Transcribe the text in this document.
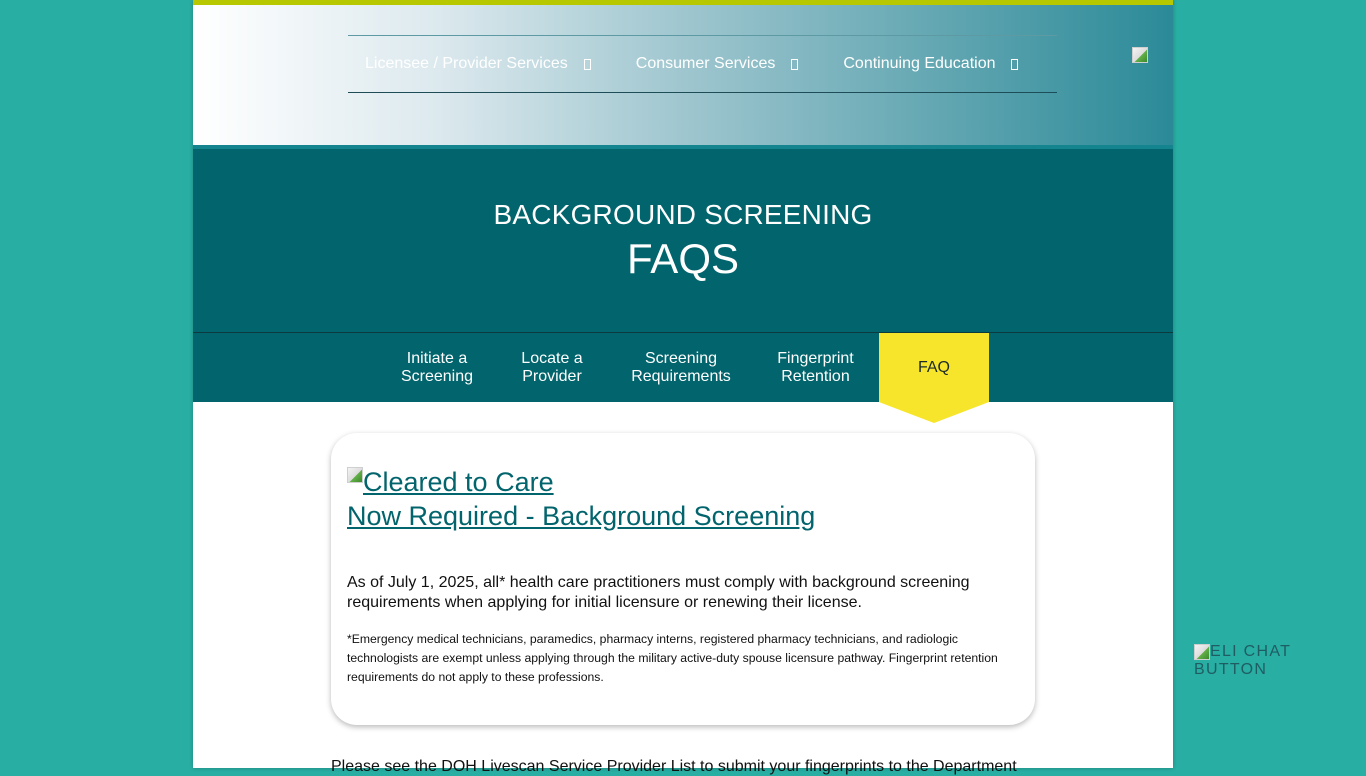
Licensee / Provider Services	Consumer Services	Continuing Education
BACKGROUND SCREENING
FAQS
Initiate a
Screening
Locate a
Provider
Screening
Requirements
Fingerprint
Retention
FAQ
Cleared to Care
Now Required - Background Screening
As of July 1, 2025, all* health care practitioners must comply with background screening requirements when applying for initial licensure or renewing their license.
*Emergency medical technicians, paramedics, pharmacy interns, registered pharmacy technicians, and radiologic technologists are exempt unless applying through the military active-duty spouse licensure pathway. Fingerprint retention requirements do not apply to these professions.
Please see the DOH Livescan Service Provider List to submit your fingerprints to the Department
ELI CHAT BUTTON
